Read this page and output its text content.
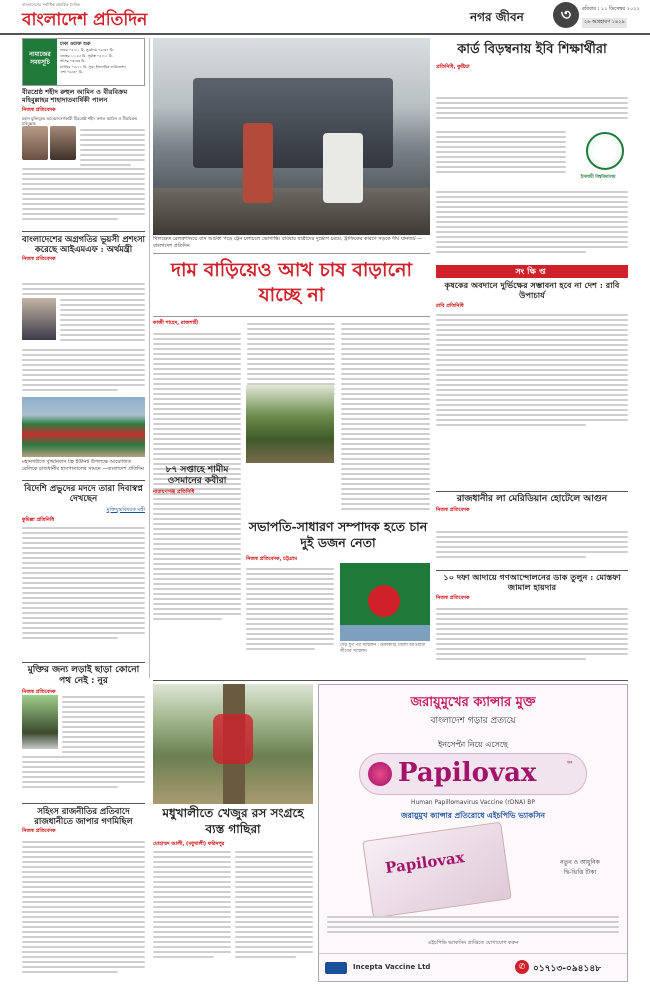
বাংলাদেশের সর্বাধিক প্রচারিত দৈনিক
বাংলাদেশ প্রতিদিন	নগর জীবন	৩	রবিবার । ১১ ডিসেম্বর ২০২২
২৬ অগ্রহায়ণ ১৪২৯
নামাজের সময়সূচি
ঢাকা ওয়াক্ত শুরু
ফজর ০৫:১১ মি. সূর্যোদয় ০৬:৩৭ মি.
জোহর ১১:৫৫ মি. সূর্যাস্ত ০৫:১১ মি.
আসর ০৩:৩৩ মি.
মাগরিব ০৫:১১ মি. সূত্র: ইসলামিক ফাউন্ডেশন
এশা ০৬:৩০ মি.
বীরশ্রেষ্ঠ শহীদ রুহুল আমিন ও বীরবিক্রম মহিবুল্লাহর শাহাদাতবার্ষিকী পালন
নিজস্ব প্রতিবেদক
মহান মুক্তিযুদ্ধে আত্মোৎসর্গকারী বীরশ্রেষ্ঠ শহীদ রুহুল আমিন ও বীরবিক্রম মহিবুল্লাহ
বাংলাদেশের অগ্রগতির ভূয়সী প্রশংসা করেছে আইএমএফ : অর্থমন্ত্রী
নিজস্ব প্রতিবেদক
মহানগরীতে বৃদ্ধিনিবাস ফ্রি ইউনিট উপলক্ষে আয়োজিত রেলিকে রাজধানীর হাসপাতালের সামনে —বাংলাদেশ প্রতিদিন
বিদেশি প্রভুদের মদদে তারা দিবাস্বপ্ন দেখছেন
মুক্তিযুদ্ধবিষয়ক মন্ত্রী
কুমিল্লা প্রতিনিধি
মুক্তির জন্য লড়াই ছাড়া কোনো পথ নেই : নুর
নিজস্ব প্রতিবেদক
সহিংস রাজনীতির প্রতিবাদে রাজধানীতে জাপার গণমিছিল
নিজস্ব প্রতিবেদক
খিলক্ষেত রেলক্রসিংয়ে বাস আটকা পড়ে ট্রেন চলাচলে ভোগান্তি। রবিবার যাত্রীদের দুর্ভোগ চরমে, ট্রাফিকের কারণে সড়কে দীর্ঘ যানজট —বাংলাদেশ প্রতিদিন
কার্ড বিড়ম্বনায় ইবি শিক্ষার্থীরা
প্রতিনিধি, কুষ্টিয়া
ইসলামী বিশ্ববিদ্যালয়
সংক্ষিপ্ত
কৃষকের অবদানে দুর্ভিক্ষের সম্ভাবনা হবে না দেশ : রাবি উপাচার্য
রাবি প্রতিনিধি
রাজধানীর লা মেরিডিয়ান হোটেলে আগুন
নিজস্ব প্রতিবেদক
১০ দফা আদায়ে গণআন্দোলনের ডাক তুলুন : মোস্তফা জামাল হায়দার
নিজস্ব প্রতিবেদক
দাম বাড়িয়েও আখ চাষ বাড়ানো যাচ্ছে না
কাজী শাহেদ, রাজশাহী
৮৭ সপ্তাহে শামীম ওসমানের কবীরা
নারায়ণগঞ্জ প্রতিনিধি
সভাপতি-সাধারণ সম্পাদক হতে চান দুই ডজন নেতা
নিজস্ব প্রতিবেদক, চট্টগ্রাম
দেড় যুগ পর সম্মেলন : ঝালকাঠি জেলা আওয়ামী লীগের সম্মেলন
মধুখালীতে খেজুর রস সংগ্রহে ব্যস্ত গাছিরা
মোহাম্মদ আলী, (মধুখালী) ফরিদপুর
জরায়ুমুখের ক্যান্সার মুক্ত
বাংলাদেশ গড়ার প্রত্যয়ে
ইনসেপ্টা নিয়ে এসেছে
Papilovax	™
Human Papillomavirus Vaccine (rDNA) BP
জরায়ুমুখ ক্যান্সার প্রতিরোধে এইচপিভি ভ্যাকসিন
Papilovax	নতুন ও আধুনিক
দ্বি-ভিত্তি টিকা
এইচপিভি ভ্যাকসিন প্রাপ্তিতে যোগাযোগ করুন
Incepta Vaccine Ltd	✆ ০১৭১৩-০৯৪১৪৮
